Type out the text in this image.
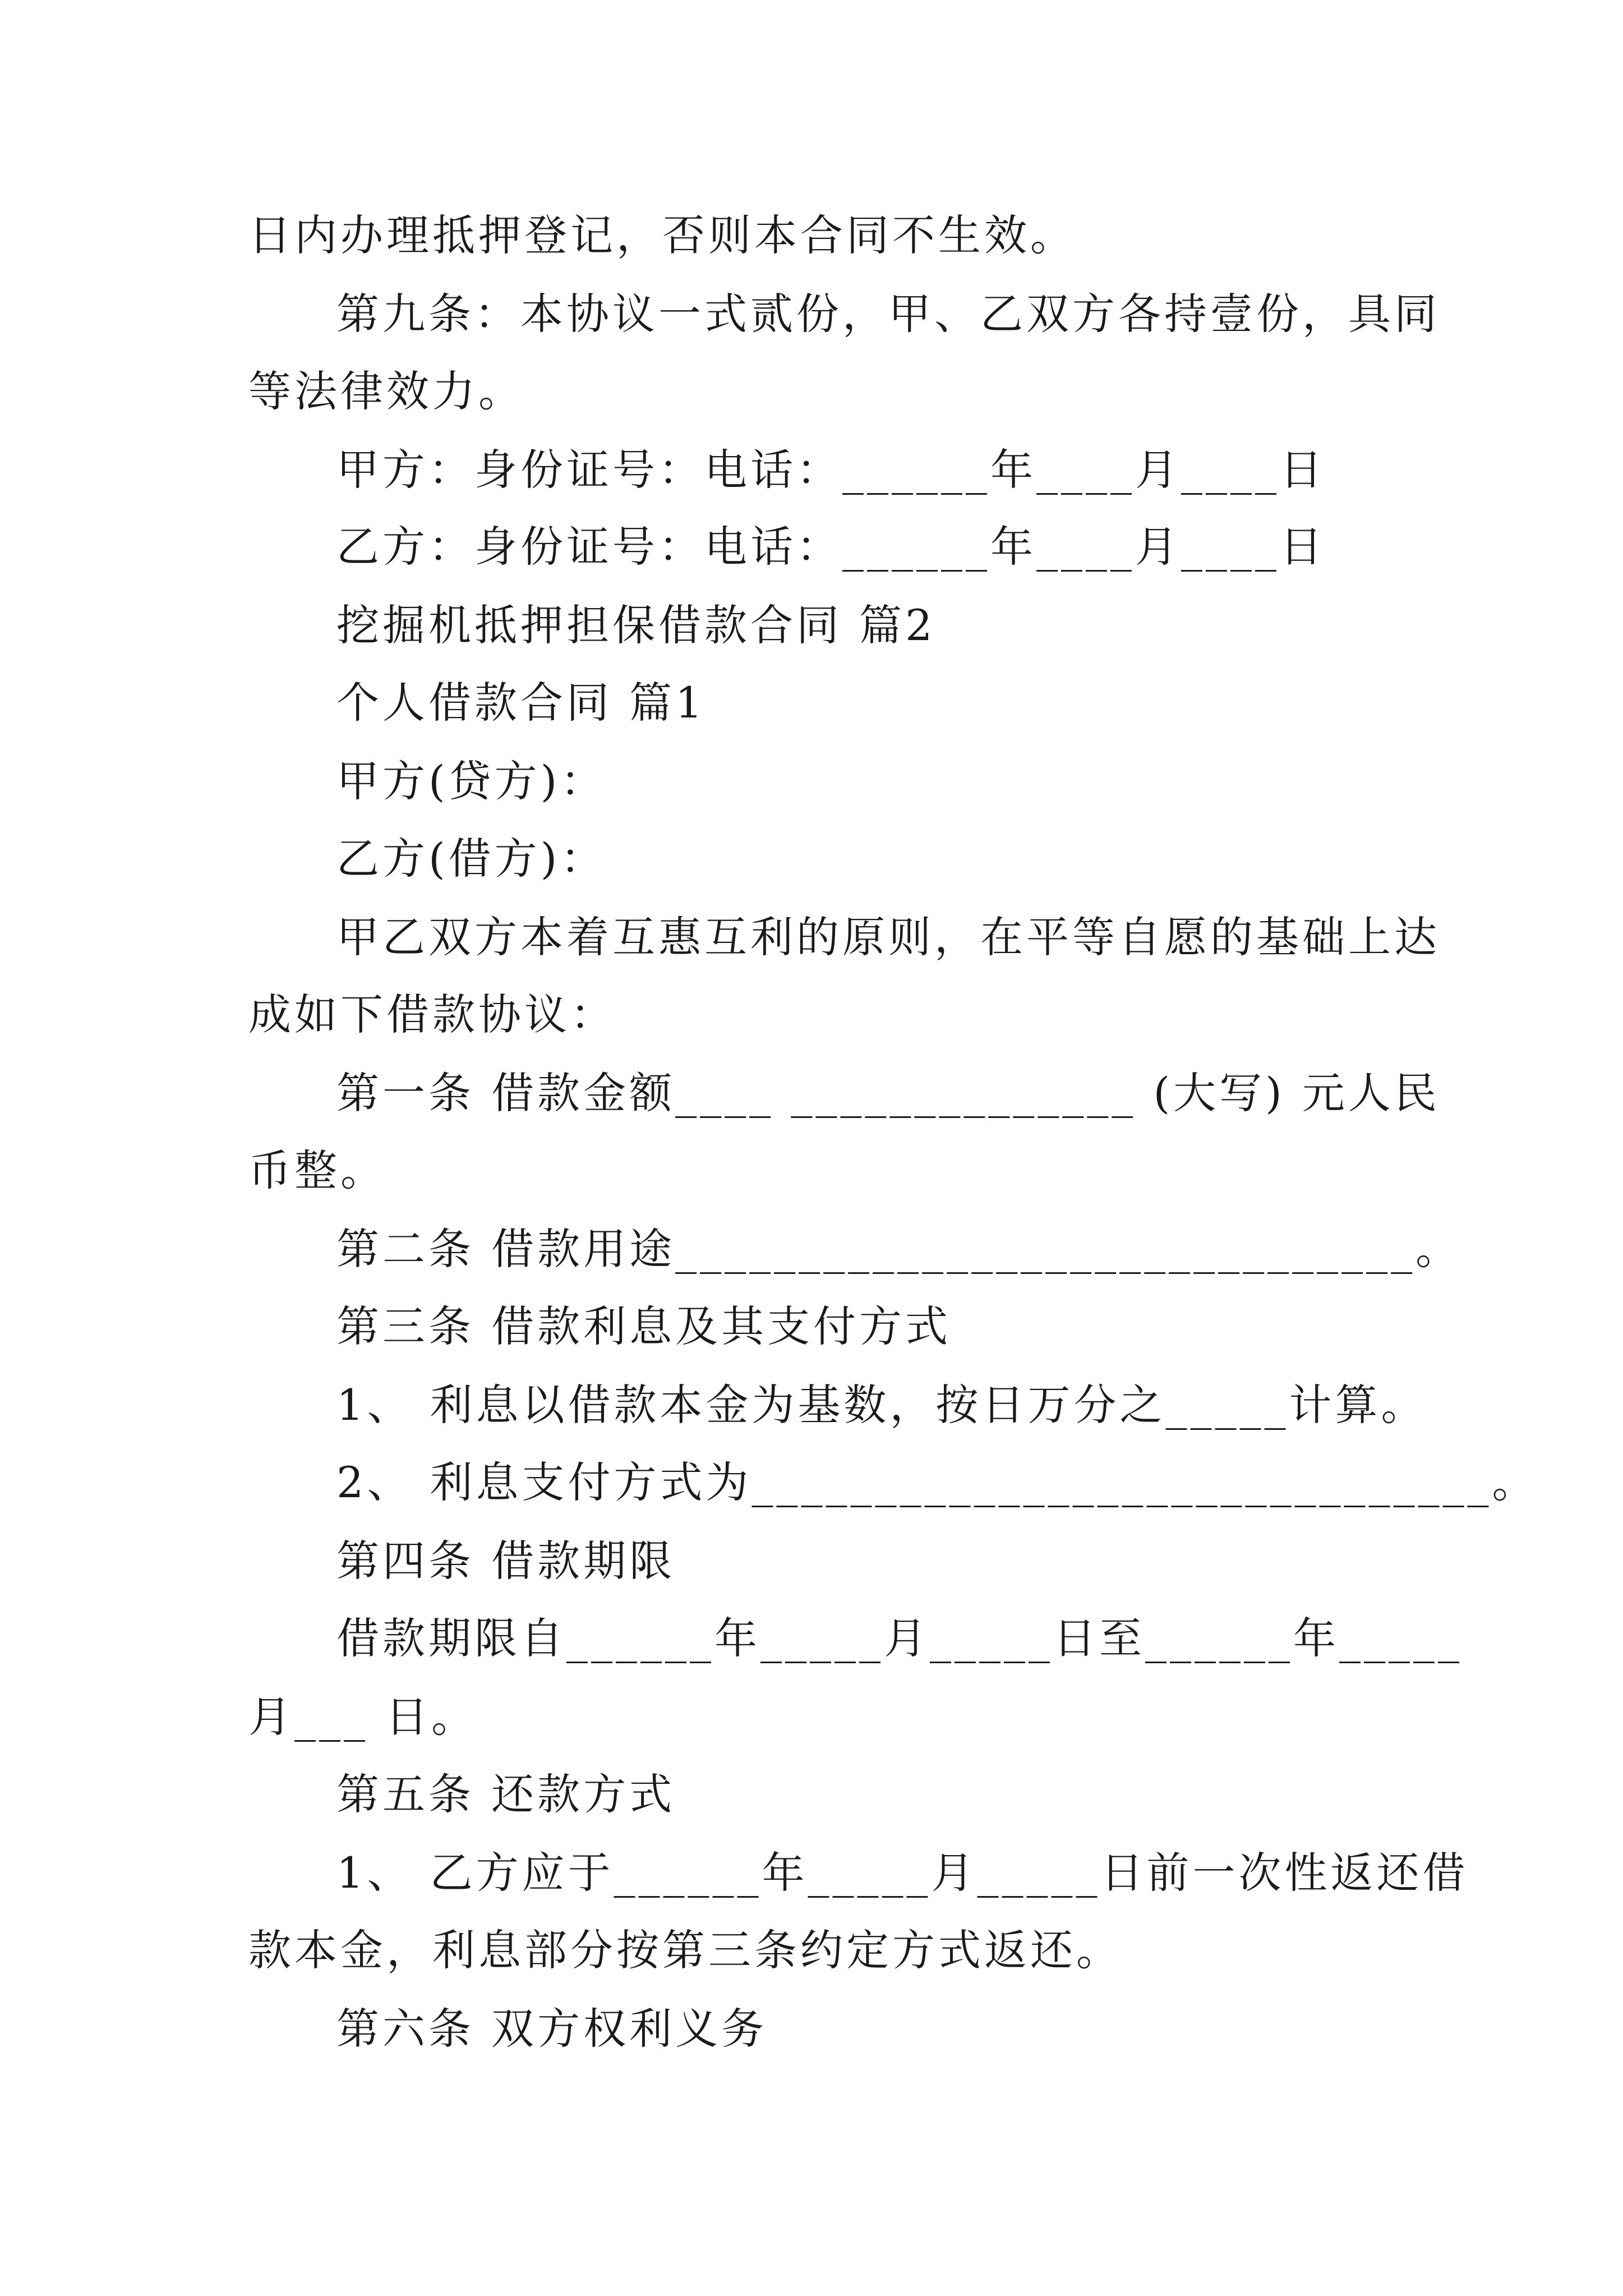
日内办理抵押登记，否则本合同不生效。
第九条：本协议一式贰份，甲、乙双方各持壹份，具同
等法律效力。
甲方：身份证号：电话：______年____月____日
乙方：身份证号：电话：______年____月____日
挖掘机抵押担保借款合同 篇2
个人借款合同 篇1
甲方(贷方)：
乙方(借方)：
甲乙双方本着互惠互利的原则，在平等自愿的基础上达
成如下借款协议：
第一条 借款金额____ ______________ (大写) 元人民
币整。
第二条 借款用途______________________________。
第三条 借款利息及其支付方式
1、 利息以借款本金为基数，按日万分之_____计算。
2、 利息支付方式为______________________________。
第四条 借款期限
借款期限自______年_____月_____日至______年_____
月___ 日。
第五条 还款方式
1、 乙方应于______年_____月_____日前一次性返还借
款本金，利息部分按第三条约定方式返还。
第六条 双方权利义务
